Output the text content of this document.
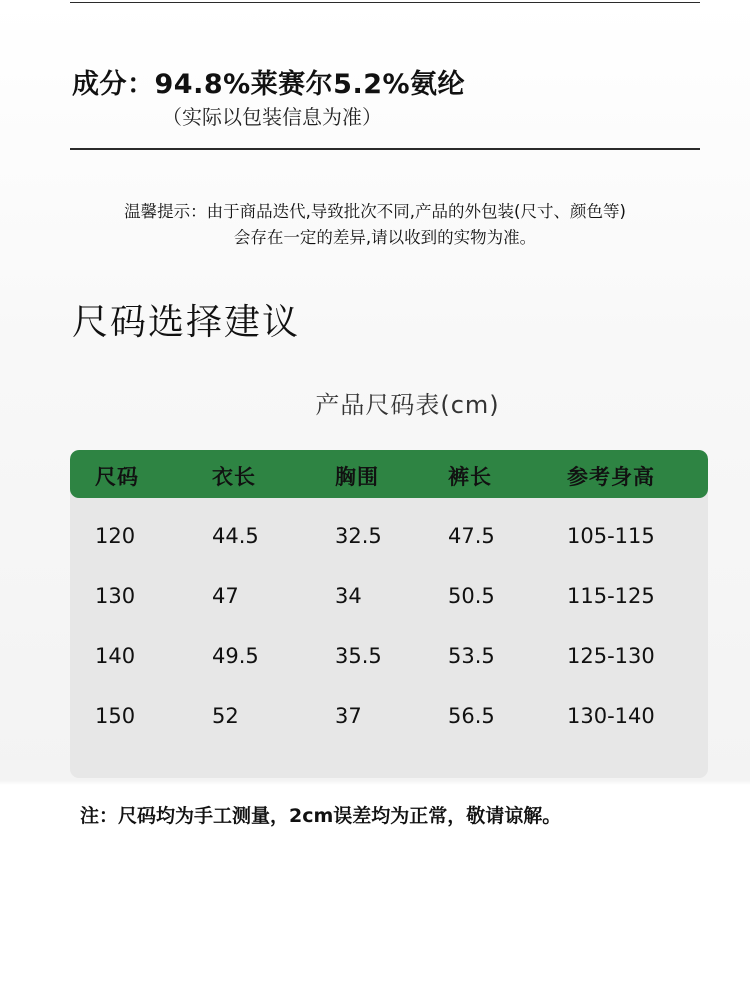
成分：94.8%莱赛尔5.2%氨纶
（实际以包装信息为准）
温馨提示：由于商品迭代,导致批次不同,产品的外包装(尺寸、颜色等)
会存在一定的差异,请以收到的实物为准。
尺码选择建议
产品尺码表(cm)
尺码	衣长	胸围	裤长	参考身高
120	44.5	32.5	47.5	105-115
130	47	34	50.5	115-125
140	49.5	35.5	53.5	125-130
150	52	37	56.5	130-140
注：尺码均为手工测量，2cm误差均为正常，敬请谅解。
